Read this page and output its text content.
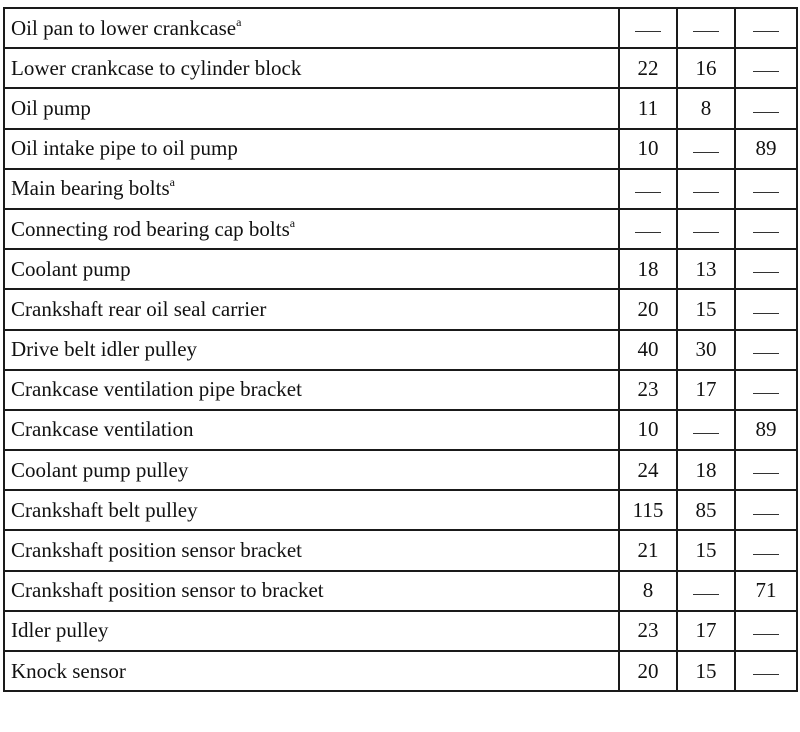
Oil pan to lower crankcase$^a$			
Lower crankcase to cylinder block	22	16	
Oil pump	11	8	
Oil intake pipe to oil pump	10		89
Main bearing bolts$^a$			
Connecting rod bearing cap bolts$^a$			
Coolant pump	18	13	
Crankshaft rear oil seal carrier	20	15	
Drive belt idler pulley	40	30	
Crankcase ventilation pipe bracket	23	17	
Crankcase ventilation	10		89
Coolant pump pulley	24	18	
Crankshaft belt pulley	115	85	
Crankshaft position sensor bracket	21	15	
Crankshaft position sensor to bracket	8		71
Idler pulley	23	17	
Knock sensor	20	15	
